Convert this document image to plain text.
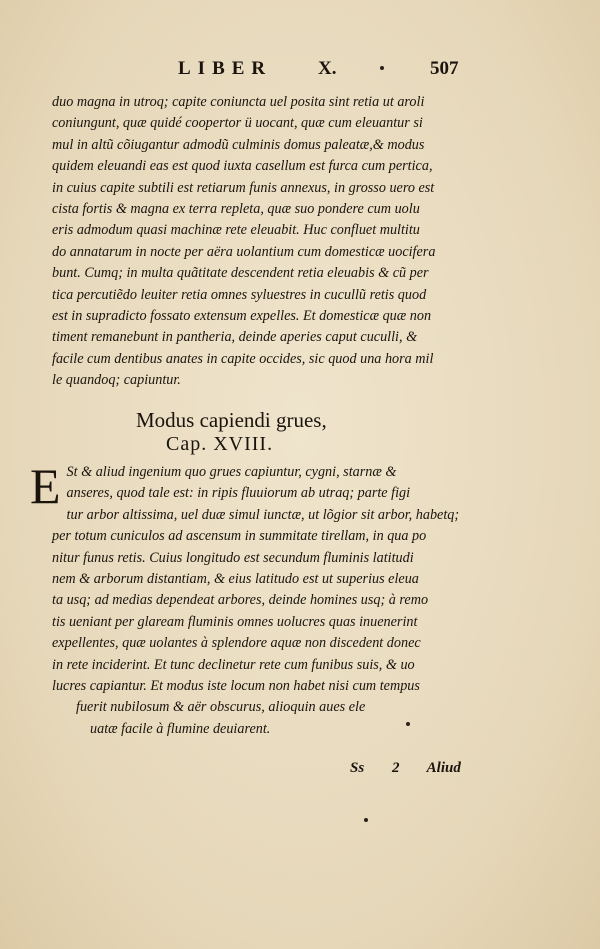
LIBER X.	507
duo magna in utroq; capite coniuncta uel posita sint retia ut aroli
coniungunt, quæ quidé coopertor ü uocant, quæ cum eleuantur si
mul in altũ cõiugantur admodũ culminis domus paleatæ,& modus
quidem eleuandi eas est quod iuxta casellum est furca cum pertica,
in cuius capite subtili est retiarum funis annexus, in grosso uero est
cista fortis & magna ex terra repleta, quæ suo pondere cum uolu
eris admodum quasi machinæ rete eleuabit. Huc confluet multitu
do annatarum in nocte per aëra uolantium cum domesticæ uocifera
bunt. Cumq; in multa quãtitate descendent retia eleuabis & cũ per
tica percutiẽdo leuiter retia omnes syluestres in cucullũ retis quod
est in supradicto fossato extensum expelles. Et domesticæ quæ non
timent remanebunt in pantheria, deinde aperies caput cuculli, &
facile cum dentibus anates in capite occides, sic quod una hora mil
le quandoq; capiuntur.
Modus capiendi grues,
Cap. XVIII.
E St & aliud ingenium quo grues capiuntur, cygni, starnæ &
anseres, quod tale est: in ripis fluuiorum ab utraq; parte figi
tur arbor altissima, uel duæ simul iunctæ, ut lõgior sit arbor, habetq;
per totum cuniculos ad ascensum in summitate tirellam, in qua po
nitur funus retis. Cuius longitudo est secundum fluminis latitudi
nem & arborum distantiam, & eius latitudo est ut superius eleua
ta usq; ad medias dependeat arbores, deinde homines usq; à remo
tis ueniant per glaream fluminis omnes uolucres quas inuenerint
expellentes, quæ uolantes à splendore aquæ non discedent donec
in rete inciderint. Et tunc declinetur rete cum funibus suis, & uo
lucres capiantur. Et modus iste locum non habet nisi cum tempus
fuerit nubilosum & aër obscurus, alioquin aues ele
uatæ facile à flumine deuiarent.
Ss 2 Aliud
